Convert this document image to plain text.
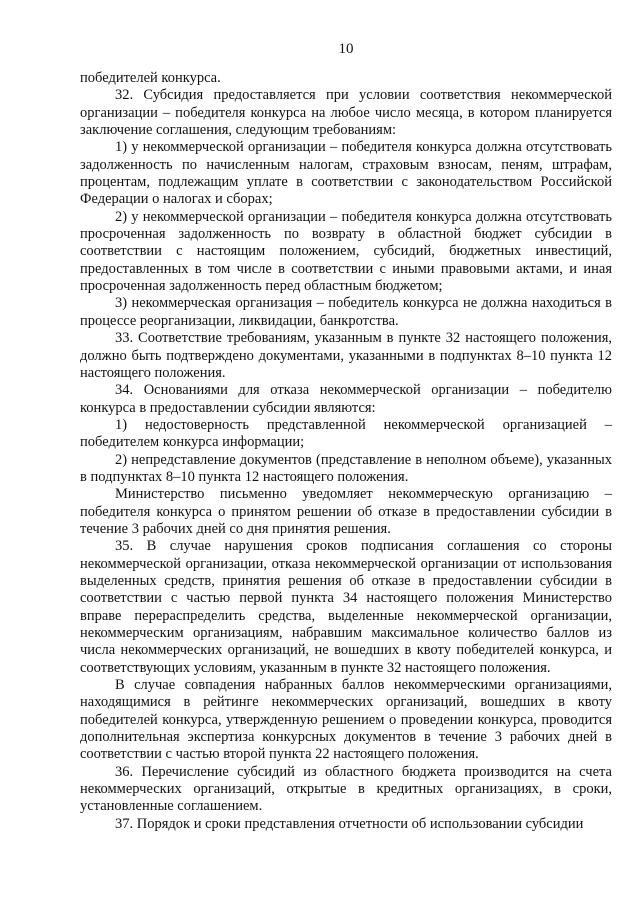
10

победителей конкурса.

32. Субсидия предоставляется при условии соответствия некоммерческой организации – победителя конкурса на любое число месяца, в котором планируется заключение соглашения, следующим требованиям:

1) у некоммерческой организации – победителя конкурса должна отсутствовать задолженность по начисленным налогам, страховым взносам, пеням, штрафам, процентам, подлежащим уплате в соответствии с законодательством Российской Федерации о налогах и сборах;

2) у некоммерческой организации – победителя конкурса должна отсутствовать просроченная задолженность по возврату в областной бюджет субсидии в соответствии с настоящим положением, субсидий, бюджетных инвестиций, предоставленных в том числе в соответствии с иными правовыми актами, и иная просроченная задолженность перед областным бюджетом;

3) некоммерческая организация – победитель конкурса не должна находиться в процессе реорганизации, ликвидации, банкротства.

33. Соответствие требованиям, указанным в пункте 32 настоящего положения, должно быть подтверждено документами, указанными в подпунктах 8–10 пункта 12 настоящего положения.

34. Основаниями для отказа некоммерческой организации – победителю конкурса в предоставлении субсидии являются:

1) недостоверность представленной некоммерческой организацией – победителем конкурса информации;

2) непредставление документов (представление в неполном объеме), указанных в подпунктах 8–10 пункта 12 настоящего положения.

Министерство письменно уведомляет некоммерческую организацию – победителя конкурса о принятом решении об отказе в предоставлении субсидии в течение 3 рабочих дней со дня принятия решения.

35. В случае нарушения сроков подписания соглашения со стороны некоммерческой организации, отказа некоммерческой организации от использования выделенных средств, принятия решения об отказе в предоставлении субсидии в соответствии с частью первой пункта 34 настоящего положения Министерство вправе перераспределить средства, выделенные некоммерческой организации, некоммерческим организациям, набравшим максимальное количество баллов из числа некоммерческих организаций, не вошедших в квоту победителей конкурса, и соответствующих условиям, указанным в пункте 32 настоящего положения.

В случае совпадения набранных баллов некоммерческими организациями, находящимися в рейтинге некоммерческих организаций, вошедших в квоту победителей конкурса, утвержденную решением о проведении конкурса, проводится дополнительная экспертиза конкурсных документов в течение 3 рабочих дней в соответствии с частью второй пункта 22 настоящего положения.

36. Перечисление субсидий из областного бюджета производится на счета некоммерческих организаций, открытые в кредитных организациях, в сроки, установленные соглашением.

37. Порядок и сроки представления отчетности об использовании субсидии
